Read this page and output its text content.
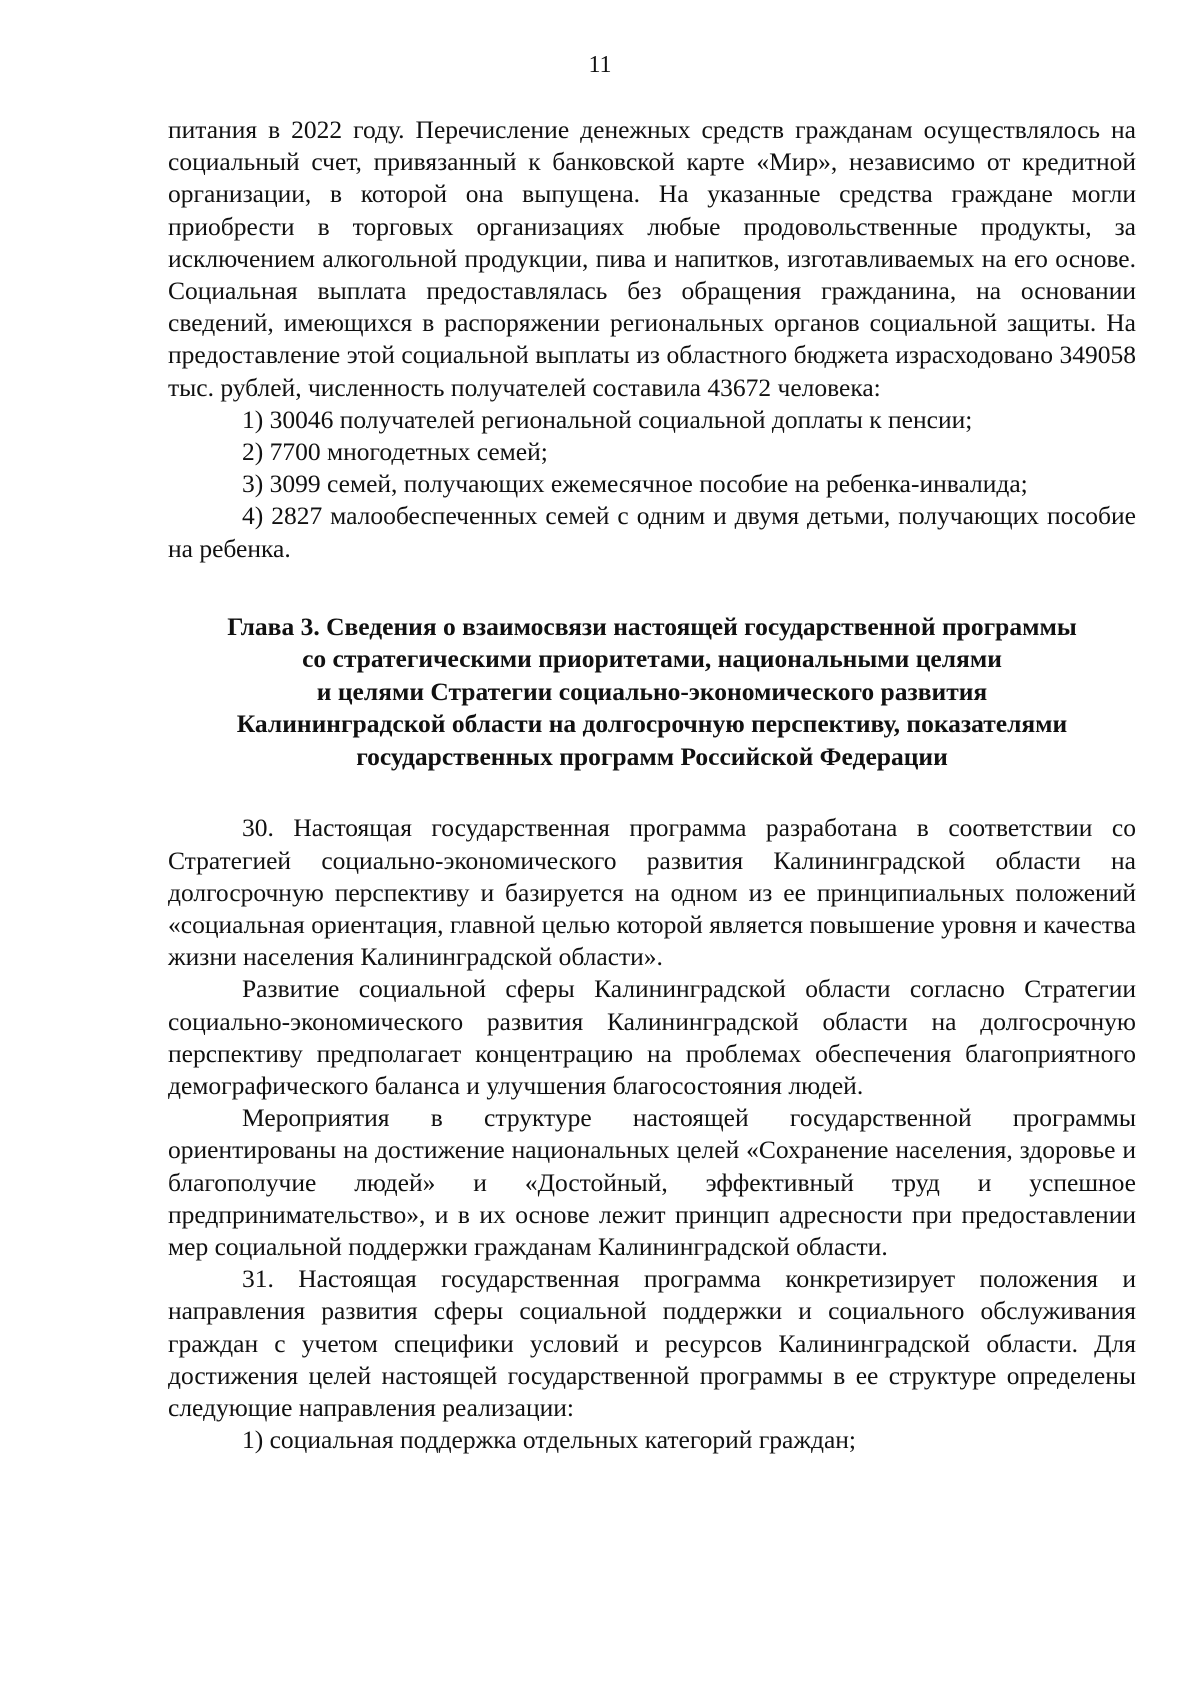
11

питания в 2022 году. Перечисление денежных средств гражданам осуществлялось на социальный счет, привязанный к банковской карте «Мир», независимо от кредитной организации, в которой она выпущена. На указанные средства граждане могли приобрести в торговых организациях любые продовольственные продукты, за исключением алкогольной продукции, пива и напитков, изготавливаемых на его основе. Социальная выплата предоставлялась без обращения гражданина, на основании сведений, имеющихся в распоряжении региональных органов социальной защиты. На предоставление этой социальной выплаты из областного бюджета израсходовано 349058 тыс. рублей, численность получателей составила 43672 человека:

1) 30046 получателей региональной социальной доплаты к пенсии;

2) 7700 многодетных семей;

3) 3099 семей, получающих ежемесячное пособие на ребенка-инвалида;

4) 2827 малообеспеченных семей с одним и двумя детьми, получающих пособие на ребенка.

Глава 3. Сведения о взаимосвязи настоящей государственной программы
со стратегическими приоритетами, национальными целями
и целями Стратегии социально-экономического развития
Калининградской области на долгосрочную перспективу, показателями
государственных программ Российской Федерации

30. Настоящая государственная программа разработана в соответствии со Стратегией социально-экономического развития Калининградской области на долгосрочную перспективу и базируется на одном из ее принципиальных положений «социальная ориентация, главной целью которой является повышение уровня и качества жизни населения Калининградской области».

Развитие социальной сферы Калининградской области согласно Стратегии социально-экономического развития Калининградской области на долгосрочную перспективу предполагает концентрацию на проблемах обеспечения благоприятного демографического баланса и улучшения благосостояния людей.

Мероприятия в структуре настоящей государственной программы ориентированы на достижение национальных целей «Сохранение населения, здоровье и благополучие людей» и «Достойный, эффективный труд и успешное предпринимательство», и в их основе лежит принцип адресности при предоставлении мер социальной поддержки гражданам Калининградской области.

31. Настоящая государственная программа конкретизирует положения и направления развития сферы социальной поддержки и социального обслуживания граждан с учетом специфики условий и ресурсов Калининградской области. Для достижения целей настоящей государственной программы в ее структуре определены следующие направления реализации:

1) социальная поддержка отдельных категорий граждан;
